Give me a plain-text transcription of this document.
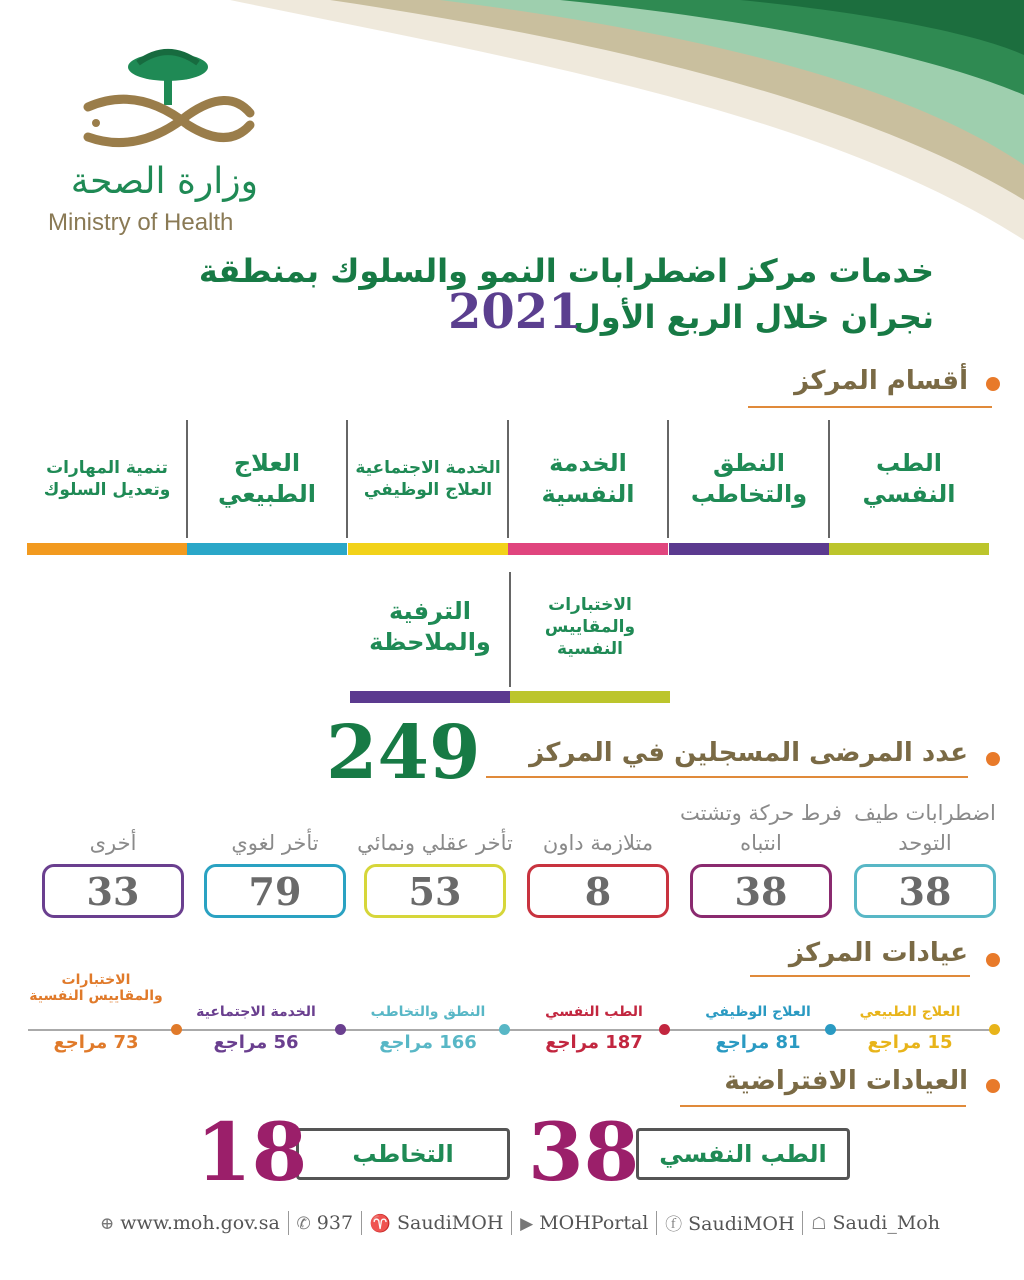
وزارة الصحة
Ministry of Health
خدمات مركز اضطرابات النمو والسلوك بمنطقة
نجران خلال الربع الأول
2021
أقسام المركز
الطب النفسي
النطق والتخاطب
الخدمة النفسية
الخدمة الاجتماعية العلاج الوظيفي
العلاج الطبيعي
تنمية المهارات وتعديل السلوك
الاختبارات والمقاييس النفسية
الترفية والملاحظة
عدد المرضى المسجلين في المركز
249
اضطرابات طيف التوحد
38
فرط حركة وتشتت انتباه
38
متلازمة داون
8
تأخر عقلي ونمائي
53
تأخر لغوي
79
أخرى
33
عيادات المركز
العلاج الطبيعي
15 مراجع
العلاج الوظيفي
81 مراجع
الطب النفسي
187 مراجع
النطق والتخاطب
166 مراجع
الخدمة الاجتماعية
56 مراجع
الاختبارات والمقاييس النفسية
73 مراجع
العيادات الافتراضية
الطب النفسي
38
التخاطب
18
⊕ www.moh.gov.sa ✆ 937 ♈ SaudiMOH ▶ MOHPortal ⓕ SaudiMOH ☖ Saudi_Moh
